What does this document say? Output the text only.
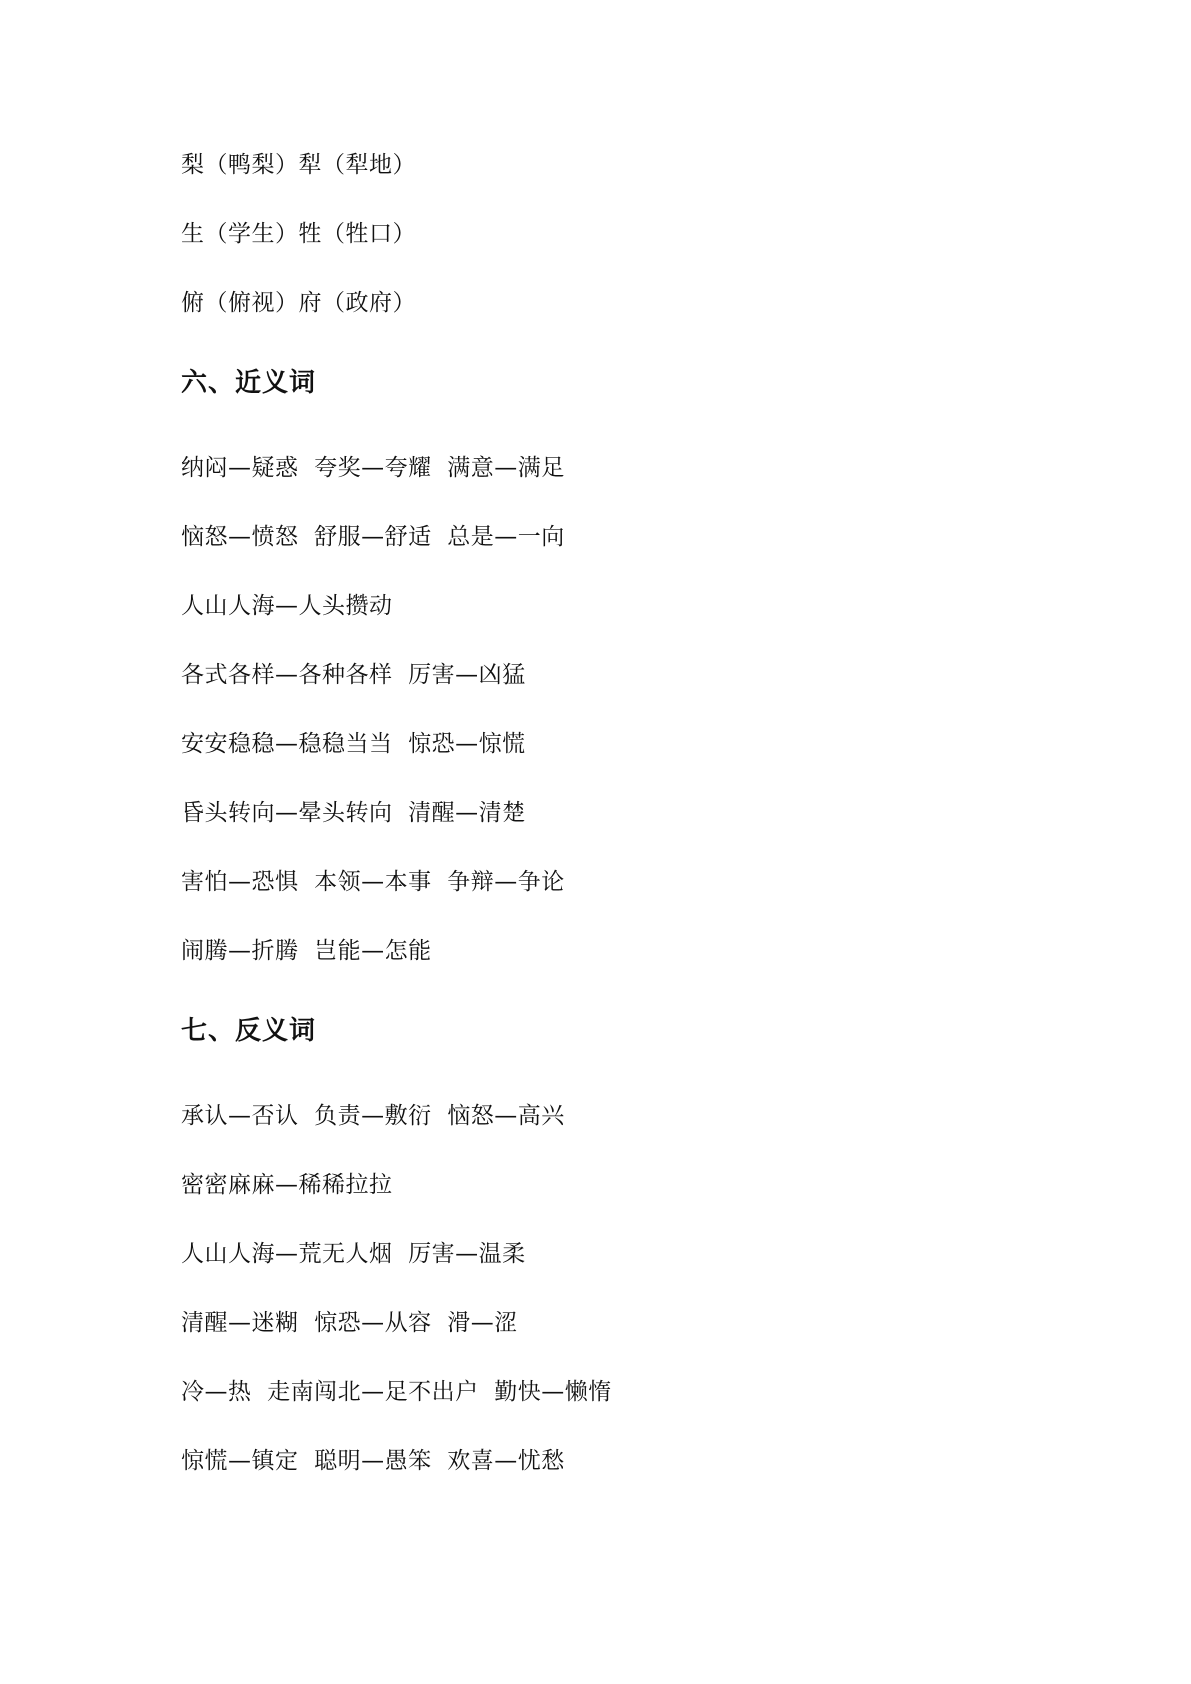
梨（鸭梨）犁（犁地）
生（学生）牲（牲口）
俯（俯视）府（政府）
六、近义词
纳闷—疑惑  夸奖—夸耀  满意—满足
恼怒—愤怒  舒服—舒适  总是—一向
人山人海—人头攒动
各式各样—各种各样  厉害—凶猛
安安稳稳—稳稳当当  惊恐—惊慌
昏头转向—晕头转向  清醒—清楚
害怕—恐惧  本领—本事  争辩—争论
闹腾—折腾  岂能—怎能
七、反义词
承认—否认  负责—敷衍  恼怒—高兴
密密麻麻—稀稀拉拉
人山人海—荒无人烟  厉害—温柔
清醒—迷糊  惊恐—从容  滑—涩
冷—热  走南闯北—足不出户  勤快—懒惰
惊慌—镇定  聪明—愚笨  欢喜—忧愁
